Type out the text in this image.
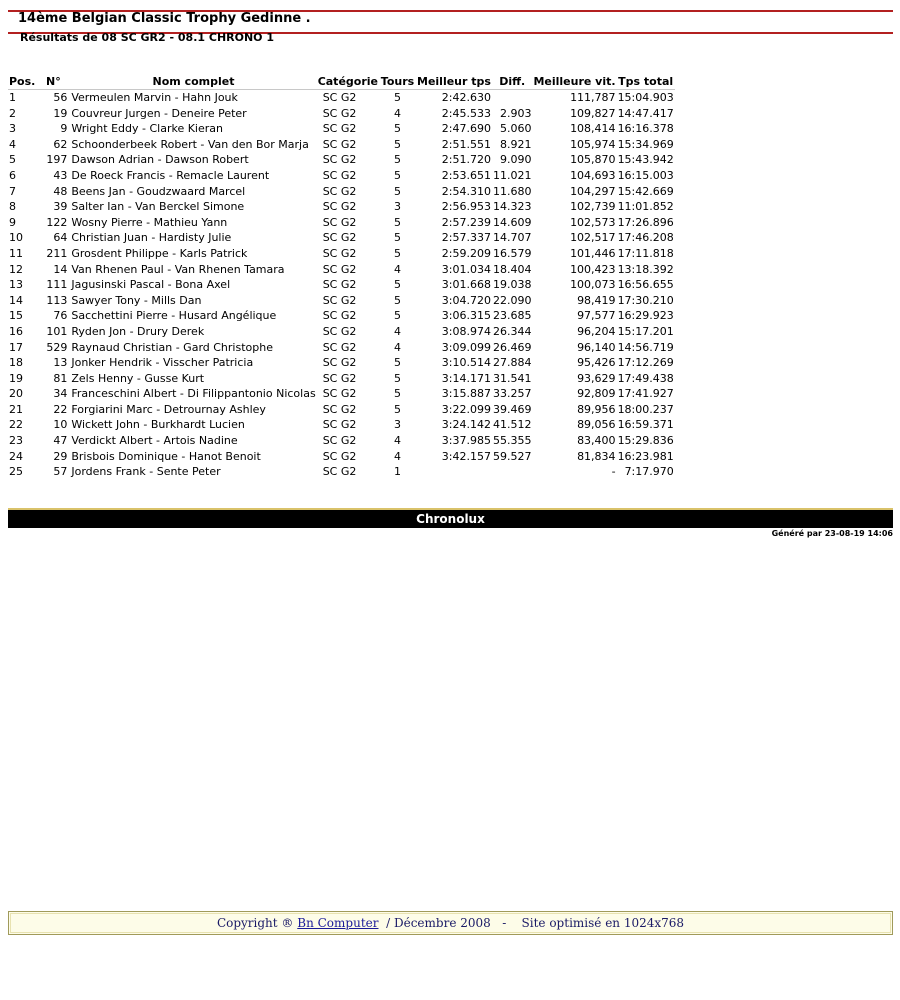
14ème Belgian Classic Trophy Gedinne .
Résultats de 08 SC GR2 - 08.1 CHRONO 1
Pos.	N°	Nom complet	Catégorie	Tours	Meilleur tps	Diff.	Meilleure vit.	Tps total
1	56	Vermeulen Marvin - Hahn Jouk	SC G2	5	2:42.630		111,787	15:04.903
2	19	Couvreur Jurgen - Deneire Peter	SC G2	4	2:45.533	2.903	109,827	14:47.417
3	9	Wright Eddy - Clarke Kieran	SC G2	5	2:47.690	5.060	108,414	16:16.378
4	62	Schoonderbeek Robert - Van den Bor Marja	SC G2	5	2:51.551	8.921	105,974	15:34.969
5	197	Dawson Adrian - Dawson Robert	SC G2	5	2:51.720	9.090	105,870	15:43.942
6	43	De Roeck Francis - Remacle Laurent	SC G2	5	2:53.651	11.021	104,693	16:15.003
7	48	Beens Jan - Goudzwaard Marcel	SC G2	5	2:54.310	11.680	104,297	15:42.669
8	39	Salter Ian - Van Berckel Simone	SC G2	3	2:56.953	14.323	102,739	11:01.852
9	122	Wosny Pierre - Mathieu Yann	SC G2	5	2:57.239	14.609	102,573	17:26.896
10	64	Christian Juan - Hardisty Julie	SC G2	5	2:57.337	14.707	102,517	17:46.208
11	211	Grosdent Philippe - Karls Patrick	SC G2	5	2:59.209	16.579	101,446	17:11.818
12	14	Van Rhenen Paul - Van Rhenen Tamara	SC G2	4	3:01.034	18.404	100,423	13:18.392
13	111	Jagusinski Pascal - Bona Axel	SC G2	5	3:01.668	19.038	100,073	16:56.655
14	113	Sawyer Tony - Mills Dan	SC G2	5	3:04.720	22.090	98,419	17:30.210
15	76	Sacchettini Pierre - Husard Angélique	SC G2	5	3:06.315	23.685	97,577	16:29.923
16	101	Ryden Jon - Drury Derek	SC G2	4	3:08.974	26.344	96,204	15:17.201
17	529	Raynaud Christian - Gard Christophe	SC G2	4	3:09.099	26.469	96,140	14:56.719
18	13	Jonker Hendrik - Visscher Patricia	SC G2	5	3:10.514	27.884	95,426	17:12.269
19	81	Zels Henny - Gusse Kurt	SC G2	5	3:14.171	31.541	93,629	17:49.438
20	34	Franceschini Albert - Di Filippantonio Nicolas	SC G2	5	3:15.887	33.257	92,809	17:41.927
21	22	Forgiarini Marc - Detrournay Ashley	SC G2	5	3:22.099	39.469	89,956	18:00.237
22	10	Wickett John - Burkhardt Lucien	SC G2	3	3:24.142	41.512	89,056	16:59.371
23	47	Verdickt Albert - Artois Nadine	SC G2	4	3:37.985	55.355	83,400	15:29.836
24	29	Brisbois Dominique - Hanot Benoit	SC G2	4	3:42.157	59.527	81,834	16:23.981
25	57	Jordens Frank - Sente Peter	SC G2	1			-	7:17.970
Chronolux
Généré par 23-08-19 14:06
Copyright ® Bn Computer  / Décembre 2008   -    Site optimisé en 1024x768
